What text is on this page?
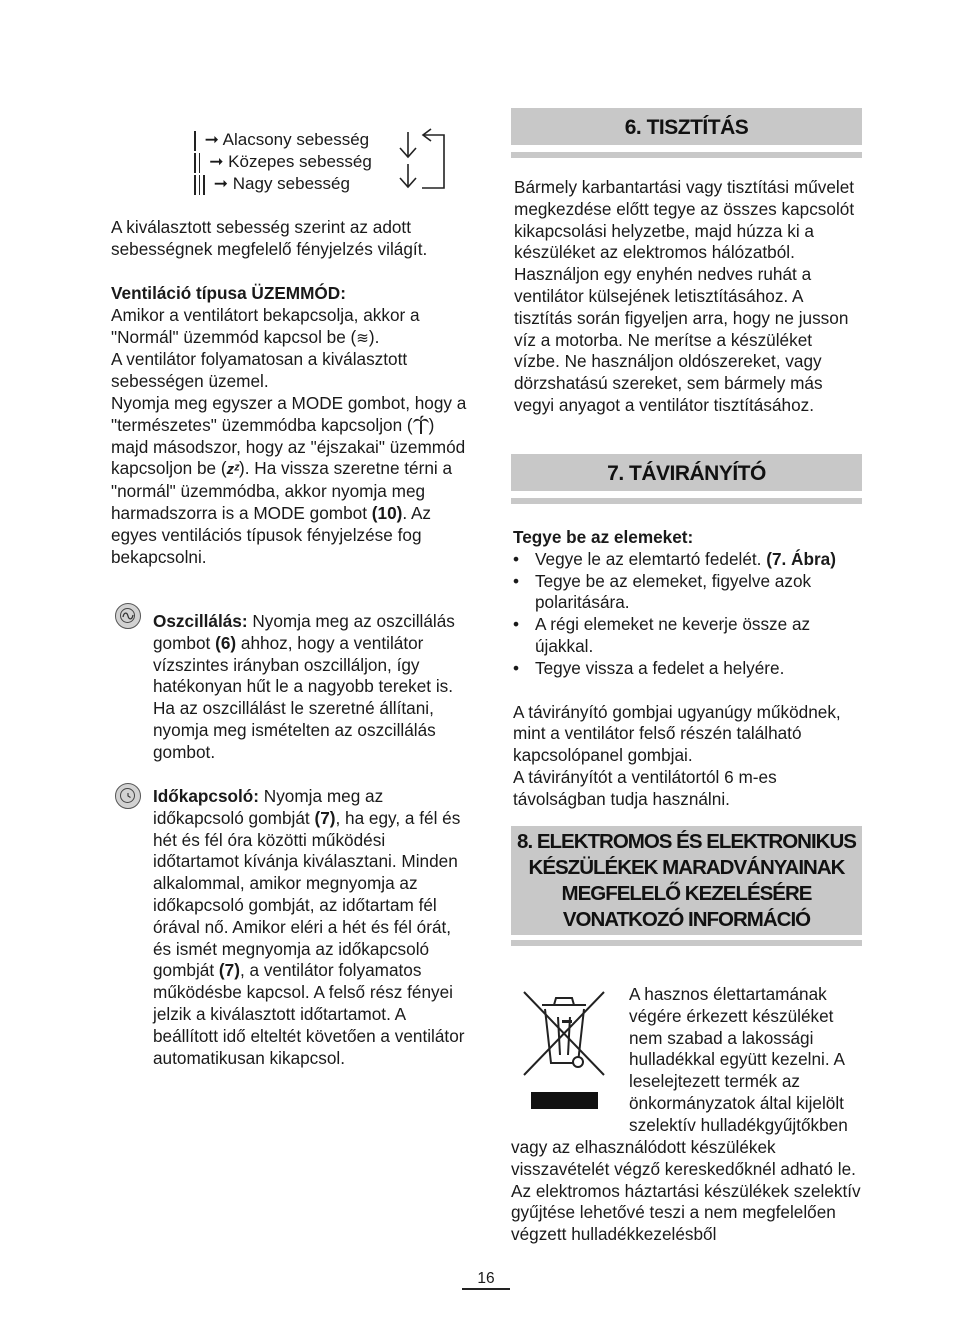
➞ Alacsony sebesség
➞ Közepes sebesség
➞ Nagy sebesség

A kiválasztott sebesség szerint az adott sebességnek megfelelő fényjelzés világít.

Ventiláció típusa ÜZEMMÓD:

Amikor a ventilátort bekapcsolja, akkor a "Normál" üzemmód kapcsol be (≋).

A ventilátor folyamatosan a kiválasztott sebességen üzemel.

Nyomja meg egyszer a MODE gombot, hogy a "természetes" üzemmódba kapcsoljon ( ) majd másodszor, hogy az "éjszakai" üzemmód kapcsoljon be (zᶻ). Ha vissza szeretne térni a "normál" üzemmódba, akkor nyomja meg harmadszorra is a MODE gombot (10). Az egyes ventilációs típusok fényjelzése fog bekapcsolni.

Oszcillálás: Nyomja meg az oszcillálás gombot (6) ahhoz, hogy a ventilátor vízszintes irányban oszcilláljon, így hatékonyan hűt le a nagyobb tereket is. Ha az oszcillálást le szeretné állítani, nyomja meg ismételten az oszcillálás gombot.

Időkapcsoló: Nyomja meg az időkapcsoló gombját (7), ha egy, a fél és hét és fél óra közötti működési időtartamot kívánja kiválasztani. Minden alkalommal, amikor megnyomja az időkapcsoló gombját, az időtartam fél órával nő. Amikor eléri a hét és fél órát, és ismét megnyomja az időkapcsoló gombját (7), a ventilátor folyamatos működésbe kapcsol. A felső rész fényei jelzik a kiválasztott időtartamot. A beállított idő elteltét követően a ventilátor automatikusan kikapcsol.

6. TISZTÍTÁS

Bármely karbantartási vagy tisztítási művelet megkezdése előtt tegye az összes kapcsolót kikapcsolási helyzetbe, majd húzza ki a készüléket az elektromos hálózatból. Használjon egy enyhén nedves ruhát a ventilátor külsejének letisztításához. A tisztítás során figyeljen arra, hogy ne jusson víz a motorba. Ne merítse a készüléket vízbe. Ne használjon oldószereket, vagy dörzshatású szereket, sem bármely más vegyi anyagot a ventilátor tisztításához.

7. TÁVIRÁNYÍTÓ

Tegye be az elemeket:

• Vegye le az elemtartó fedelét. (7. Ábra)
• Tegye be az elemeket, figyelve azok polaritására.
• A régi elemeket ne keverje össze az újakkal.
• Tegye vissza a fedelet a helyére.

A távirányító gombjai ugyanúgy működnek, mint a ventilátor felső részén található kapcsolópanel gombjai.

A távirányítót a ventilátortól 6 m-es távolságban tudja használni.

8. ELEKTROMOS ÉS ELEKTRONIKUS KÉSZÜLÉKEK MARADVÁNYAINAK MEGFELELŐ KEZELÉSÉRE VONATKOZÓ INFORMÁCIÓ

A hasznos élettartamának végére érkezett készüléket nem szabad a lakossági hulladékkal együtt kezelni. A leselejtezett termék az önkormányzatok által kijelölt szelektív hulladékgyűjtőkben

vagy az elhasználódott készülékek visszavételét végző kereskedőknél adható le. Az elektromos háztartási készülékek szelektív gyűjtése lehetővé teszi a nem megfelelően végzett hulladékkezelésből

16
